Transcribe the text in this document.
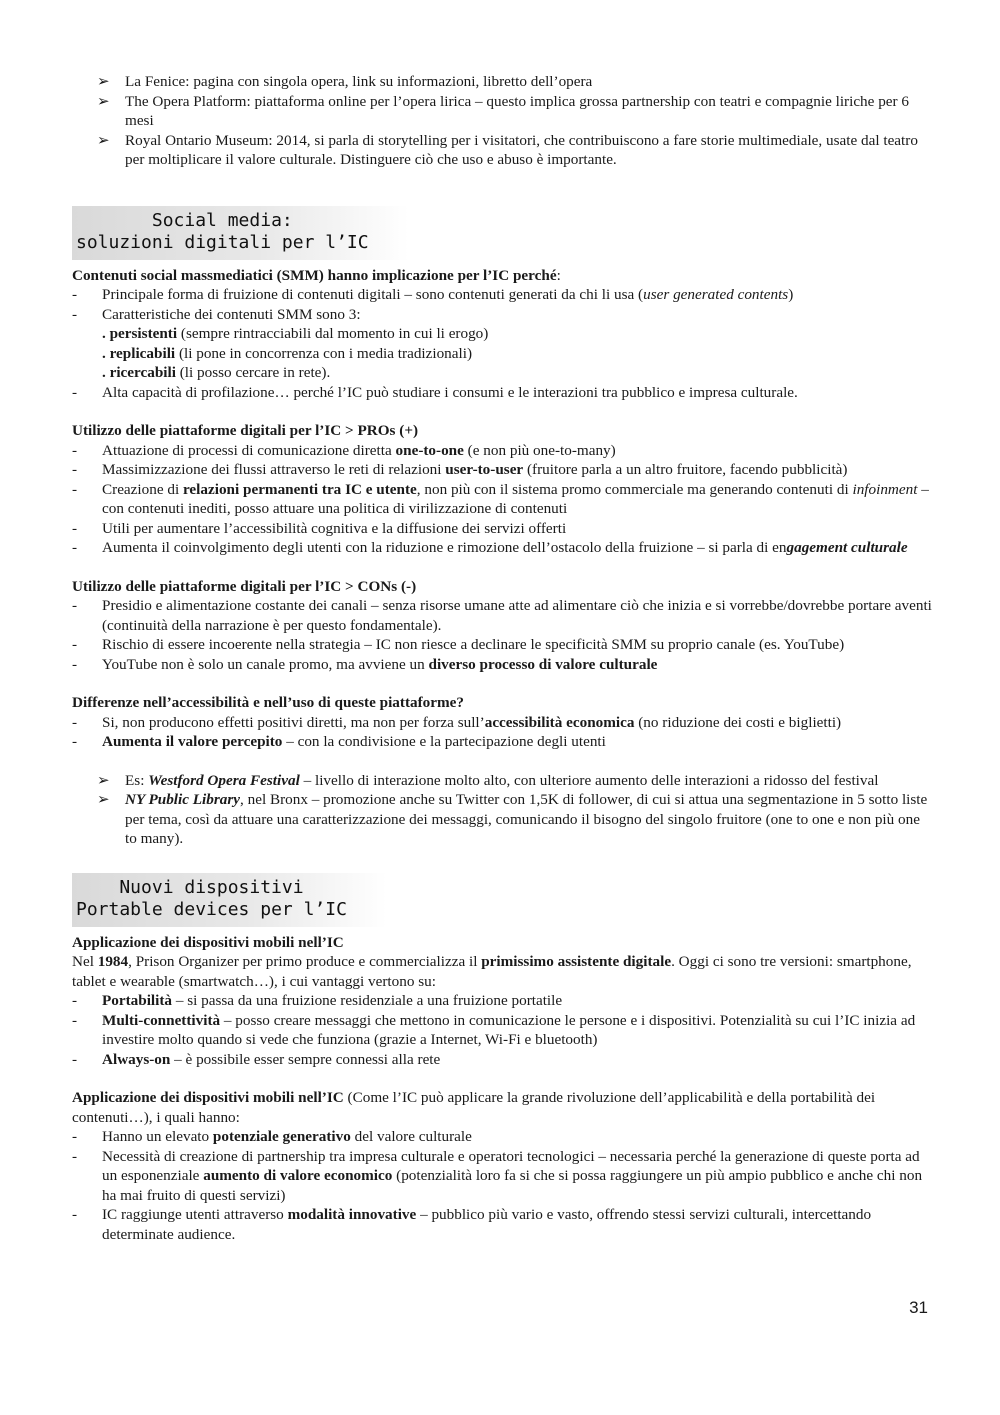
➢ La Fenice: pagina con singola opera, link su informazioni, libretto dell’opera
➢ The Opera Platform: piattaforma online per l’opera lirica – questo implica grossa partnership con teatri e compagnie liriche per 6 mesi
➢ Royal Ontario Museum: 2014, si parla di storytelling per i visitatori, che contribuiscono a fare storie multimediale, usate dal teatro per moltiplicare il valore culturale. Distinguere ciò che uso e abuso è importante.
Social media:
soluzioni digitali per l’IC
Contenuti social massmediatici (SMM) hanno implicazione per l’IC perché:
- Principale forma di fruizione di contenuti digitali – sono contenuti generati da chi li usa (user generated contents)
- Caratteristiche dei contenuti SMM sono 3:
. persistenti (sempre rintracciabili dal momento in cui li erogo)
. replicabili (li pone in concorrenza con i media tradizionali)
. ricercabili (li posso cercare in rete).
- Alta capacità di profilazione… perché l’IC può studiare i consumi e le interazioni tra pubblico e impresa culturale.
Utilizzo delle piattaforme digitali per l’IC > PROs (+)
- Attuazione di processi di comunicazione diretta one-to-one (e non più one-to-many)
- Massimizzazione dei flussi attraverso le reti di relazioni user-to-user (fruitore parla a un altro fruitore, facendo pubblicità)
- Creazione di relazioni permanenti tra IC e utente, non più con il sistema promo commerciale ma generando contenuti di infoinment – con contenuti inediti, posso attuare una politica di virilizzazione di contenuti
- Utili per aumentare l’accessibilità cognitiva e la diffusione dei servizi offerti
- Aumenta il coinvolgimento degli utenti con la riduzione e rimozione dell’ostacolo della fruizione – si parla di engagement culturale
Utilizzo delle piattaforme digitali per l’IC > CONs (-)
- Presidio e alimentazione costante dei canali – senza risorse umane atte ad alimentare ciò che inizia e si vorrebbe/dovrebbe portare aventi (continuità della narrazione è per questo fondamentale).
- Rischio di essere incoerente nella strategia – IC non riesce a declinare le specificità SMM su proprio canale (es. YouTube)
- YouTube non è solo un canale promo, ma avviene un diverso processo di valore culturale
Differenze nell’accessibilità e nell’uso di queste piattaforme?
- Si, non producono effetti positivi diretti, ma non per forza sull’accessibilità economica (no riduzione dei costi e biglietti)
- Aumenta il valore percepito – con la condivisione e la partecipazione degli utenti
➢ Es: Westford Opera Festival – livello di interazione molto alto, con ulteriore aumento delle interazioni a ridosso del festival
➢ NY Public Library, nel Bronx – promozione anche su Twitter con 1,5K di follower, di cui si attua una segmentazione in 5 sotto liste per tema, così da attuare una caratterizzazione dei messaggi, comunicando il bisogno del singolo fruitore (one to one e non più one to many).
Nuovi dispositivi
Portable devices per l’IC
Applicazione dei dispositivi mobili nell’IC
Nel 1984, Prison Organizer per primo produce e commercializza il primissimo assistente digitale. Oggi ci sono tre versioni: smartphone, tablet e wearable (smartwatch…), i cui vantaggi vertono su:
- Portabilità – si passa da una fruizione residenziale a una fruizione portatile
- Multi-connettività – posso creare messaggi che mettono in comunicazione le persone e i dispositivi. Potenzialità su cui l’IC inizia ad investire molto quando si vede che funziona (grazie a Internet, Wi-Fi e bluetooth)
- Always-on – è possibile esser sempre connessi alla rete
Applicazione dei dispositivi mobili nell’IC (Come l’IC può applicare la grande rivoluzione dell’applicabilità e della portabilità dei contenuti…), i quali hanno:
- Hanno un elevato potenziale generativo del valore culturale
- Necessità di creazione di partnership tra impresa culturale e operatori tecnologici – necessaria perché la generazione di queste porta ad un esponenziale aumento di valore economico (potenzialità loro fa si che si possa raggiungere un più ampio pubblico e anche chi non ha mai fruito di questi servizi)
- IC raggiunge utenti attraverso modalità innovative – pubblico più vario e vasto, offrendo stessi servizi culturali, intercettando determinate audience.
31
